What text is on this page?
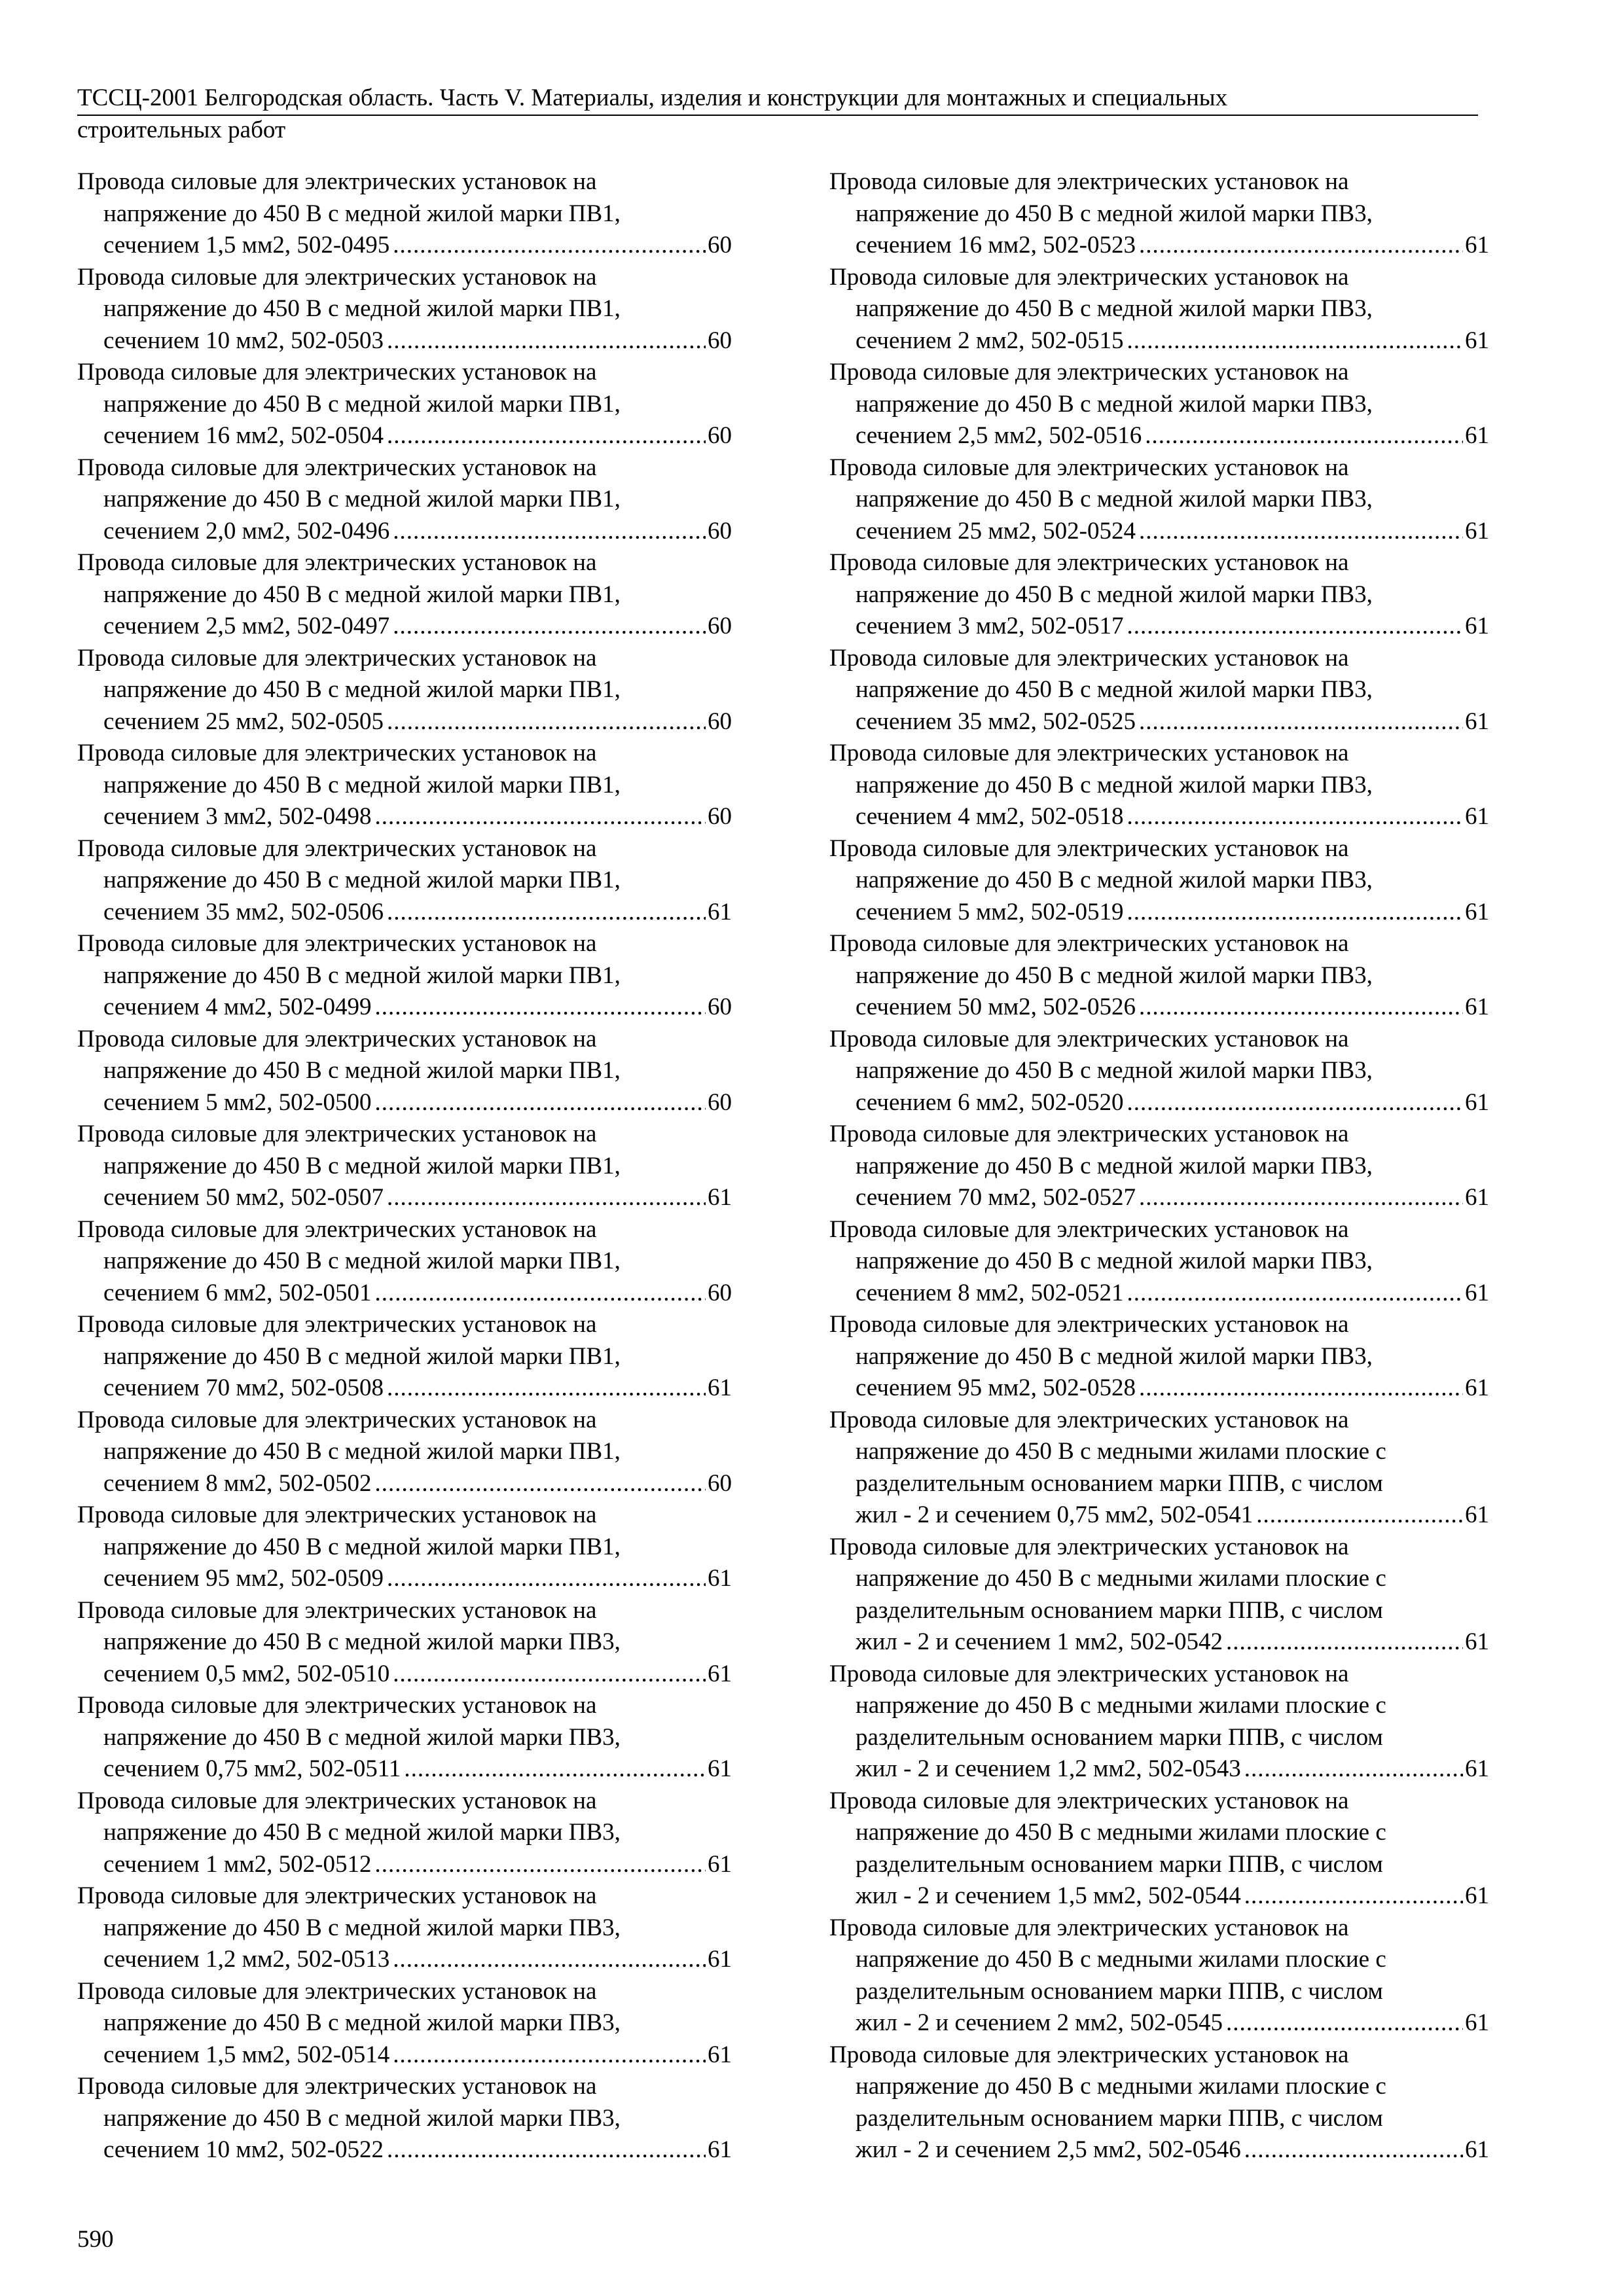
ТССЦ-2001 Белгородская область. Часть V. Материалы, изделия и конструкции для монтажных и специальных
строительных работ
Провода силовые для электрических установок на
напряжение до 450 В с медной жилой марки ПВ1,
сечением 1,5 мм2, 502-0495 .....	60
Провода силовые для электрических установок на
напряжение до 450 В с медной жилой марки ПВ1,
сечением 10 мм2, 502-0503 .....	60
Провода силовые для электрических установок на
напряжение до 450 В с медной жилой марки ПВ1,
сечением 16 мм2, 502-0504 .....	60
Провода силовые для электрических установок на
напряжение до 450 В с медной жилой марки ПВ1,
сечением 2,0 мм2, 502-0496 .....	60
Провода силовые для электрических установок на
напряжение до 450 В с медной жилой марки ПВ1,
сечением 2,5 мм2, 502-0497 .....	60
Провода силовые для электрических установок на
напряжение до 450 В с медной жилой марки ПВ1,
сечением 25 мм2, 502-0505 .....	60
Провода силовые для электрических установок на
напряжение до 450 В с медной жилой марки ПВ1,
сечением 3 мм2, 502-0498 .....	60
Провода силовые для электрических установок на
напряжение до 450 В с медной жилой марки ПВ1,
сечением 35 мм2, 502-0506 .....	61
Провода силовые для электрических установок на
напряжение до 450 В с медной жилой марки ПВ1,
сечением 4 мм2, 502-0499 .....	60
Провода силовые для электрических установок на
напряжение до 450 В с медной жилой марки ПВ1,
сечением 5 мм2, 502-0500 .....	60
Провода силовые для электрических установок на
напряжение до 450 В с медной жилой марки ПВ1,
сечением 50 мм2, 502-0507 .....	61
Провода силовые для электрических установок на
напряжение до 450 В с медной жилой марки ПВ1,
сечением 6 мм2, 502-0501 .....	60
Провода силовые для электрических установок на
напряжение до 450 В с медной жилой марки ПВ1,
сечением 70 мм2, 502-0508 .....	61
Провода силовые для электрических установок на
напряжение до 450 В с медной жилой марки ПВ1,
сечением 8 мм2, 502-0502 .....	60
Провода силовые для электрических установок на
напряжение до 450 В с медной жилой марки ПВ1,
сечением 95 мм2, 502-0509 .....	61
Провода силовые для электрических установок на
напряжение до 450 В с медной жилой марки ПВ3,
сечением 0,5 мм2, 502-0510 .....	61
Провода силовые для электрических установок на
напряжение до 450 В с медной жилой марки ПВ3,
сечением 0,75 мм2, 502-0511 .....	61
Провода силовые для электрических установок на
напряжение до 450 В с медной жилой марки ПВ3,
сечением 1 мм2, 502-0512 .....	61
Провода силовые для электрических установок на
напряжение до 450 В с медной жилой марки ПВ3,
сечением 1,2 мм2, 502-0513 .....	61
Провода силовые для электрических установок на
напряжение до 450 В с медной жилой марки ПВ3,
сечением 1,5 мм2, 502-0514 .....	61
Провода силовые для электрических установок на
напряжение до 450 В с медной жилой марки ПВ3,
сечением 10 мм2, 502-0522 .....	61
Провода силовые для электрических установок на
напряжение до 450 В с медной жилой марки ПВ3,
сечением 16 мм2, 502-0523 .....	61
Провода силовые для электрических установок на
напряжение до 450 В с медной жилой марки ПВ3,
сечением 2 мм2, 502-0515 .....	61
Провода силовые для электрических установок на
напряжение до 450 В с медной жилой марки ПВ3,
сечением 2,5 мм2, 502-0516 .....	61
Провода силовые для электрических установок на
напряжение до 450 В с медной жилой марки ПВ3,
сечением 25 мм2, 502-0524 .....	61
Провода силовые для электрических установок на
напряжение до 450 В с медной жилой марки ПВ3,
сечением 3 мм2, 502-0517 .....	61
Провода силовые для электрических установок на
напряжение до 450 В с медной жилой марки ПВ3,
сечением 35 мм2, 502-0525 .....	61
Провода силовые для электрических установок на
напряжение до 450 В с медной жилой марки ПВ3,
сечением 4 мм2, 502-0518 .....	61
Провода силовые для электрических установок на
напряжение до 450 В с медной жилой марки ПВ3,
сечением 5 мм2, 502-0519 .....	61
Провода силовые для электрических установок на
напряжение до 450 В с медной жилой марки ПВ3,
сечением 50 мм2, 502-0526 .....	61
Провода силовые для электрических установок на
напряжение до 450 В с медной жилой марки ПВ3,
сечением 6 мм2, 502-0520 .....	61
Провода силовые для электрических установок на
напряжение до 450 В с медной жилой марки ПВ3,
сечением 70 мм2, 502-0527 .....	61
Провода силовые для электрических установок на
напряжение до 450 В с медной жилой марки ПВ3,
сечением 8 мм2, 502-0521 .....	61
Провода силовые для электрических установок на
напряжение до 450 В с медной жилой марки ПВ3,
сечением 95 мм2, 502-0528 .....	61
Провода силовые для электрических установок на
напряжение до 450 В с медными жилами плоские с
разделительным основанием марки ППВ, с числом
жил - 2 и сечением 0,75 мм2, 502-0541 .....	61
Провода силовые для электрических установок на
напряжение до 450 В с медными жилами плоские с
разделительным основанием марки ППВ, с числом
жил - 2 и сечением 1 мм2, 502-0542 .....	61
Провода силовые для электрических установок на
напряжение до 450 В с медными жилами плоские с
разделительным основанием марки ППВ, с числом
жил - 2 и сечением 1,2 мм2, 502-0543 .....	61
Провода силовые для электрических установок на
напряжение до 450 В с медными жилами плоские с
разделительным основанием марки ППВ, с числом
жил - 2 и сечением 1,5 мм2, 502-0544 .....	61
Провода силовые для электрических установок на
напряжение до 450 В с медными жилами плоские с
разделительным основанием марки ППВ, с числом
жил - 2 и сечением 2 мм2, 502-0545 .....	61
Провода силовые для электрических установок на
напряжение до 450 В с медными жилами плоские с
разделительным основанием марки ППВ, с числом
жил - 2 и сечением 2,5 мм2, 502-0546 .....	61
590
